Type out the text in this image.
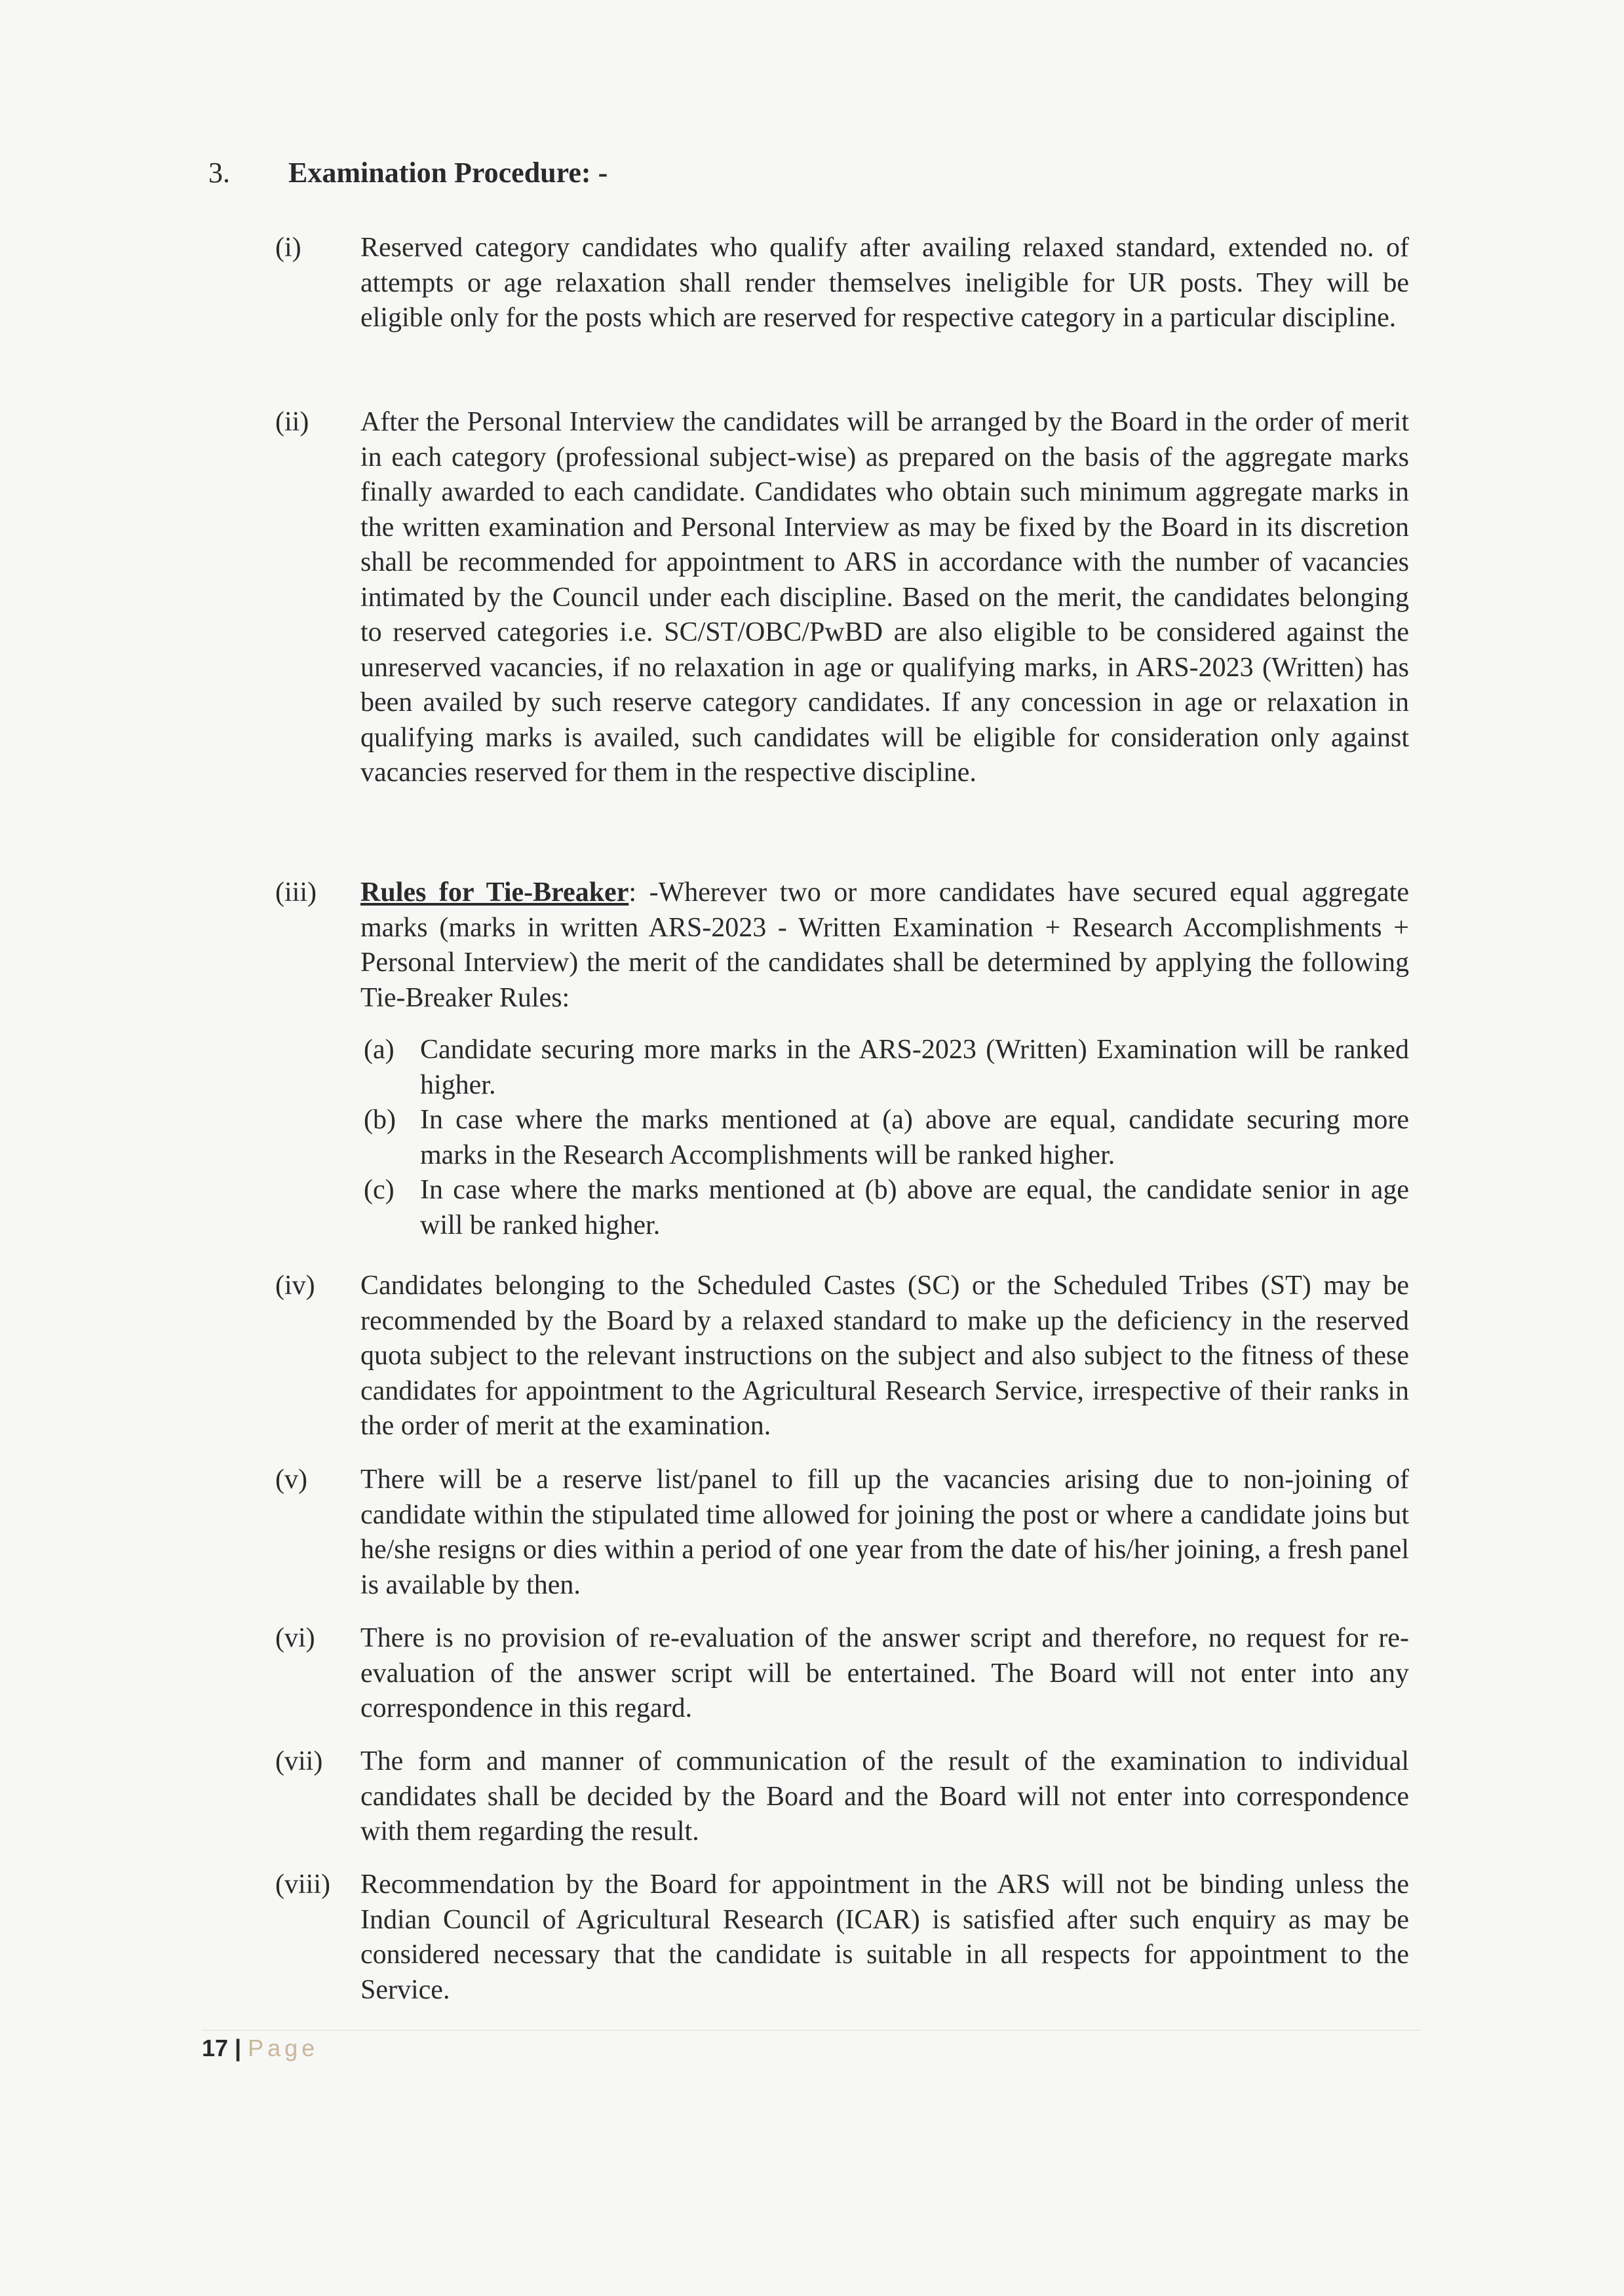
3.	Examination Procedure: -
(i)	Reserved category candidates who qualify after availing relaxed standard, extended no. of attempts or age relaxation shall render themselves ineligible for UR posts. They will be eligible only for the posts which are reserved for respective category in a particular discipline.
(ii)	After the Personal Interview the candidates will be arranged by the Board in the order of merit in each category (professional subject-wise) as prepared on the basis of the aggregate marks finally awarded to each candidate. Candidates who obtain such minimum aggregate marks in the written examination and Personal Interview as may be fixed by the Board in its discretion shall be recommended for appointment to ARS in accordance with the number of vacancies intimated by the Council under each discipline. Based on the merit, the candidates belonging to reserved categories i.e. SC/ST/OBC/PwBD are also eligible to be considered against the unreserved vacancies, if no relaxation in age or qualifying marks, in ARS-2023 (Written) has been availed by such reserve category candidates. If any concession in age or relaxation in qualifying marks is availed, such candidates will be eligible for consideration only against vacancies reserved for them in the respective discipline.
(iii)	Rules for Tie-Breaker: -Wherever two or more candidates have secured equal aggregate marks (marks in written ARS-2023 - Written Examination + Research Accomplishments + Personal Interview) the merit of the candidates shall be determined by applying the following Tie-Breaker Rules:
(a) Candidate securing more marks in the ARS-2023 (Written) Examination will be ranked higher.
(b) In case where the marks mentioned at (a) above are equal, candidate securing more marks in the Research Accomplishments will be ranked higher.
(c) In case where the marks mentioned at (b) above are equal, the candidate senior in age will be ranked higher.
(iv)	Candidates belonging to the Scheduled Castes (SC) or the Scheduled Tribes (ST) may be recommended by the Board by a relaxed standard to make up the deficiency in the reserved quota subject to the relevant instructions on the subject and also subject to the fitness of these candidates for appointment to the Agricultural Research Service, irrespective of their ranks in the order of merit at the examination.
(v)	There will be a reserve list/panel to fill up the vacancies arising due to non-joining of candidate within the stipulated time allowed for joining the post or where a candidate joins but he/she resigns or dies within a period of one year from the date of his/her joining, a fresh panel is available by then.
(vi)	There is no provision of re-evaluation of the answer script and therefore, no request for re-evaluation of the answer script will be entertained. The Board will not enter into any correspondence in this regard.
(vii)	The form and manner of communication of the result of the examination to individual candidates shall be decided by the Board and the Board will not enter into correspondence with them regarding the result.
(viii)	Recommendation by the Board for appointment in the ARS will not be binding unless the Indian Council of Agricultural Research (ICAR) is satisfied after such enquiry as may be considered necessary that the candidate is suitable in all respects for appointment to the Service.
17 | Page
